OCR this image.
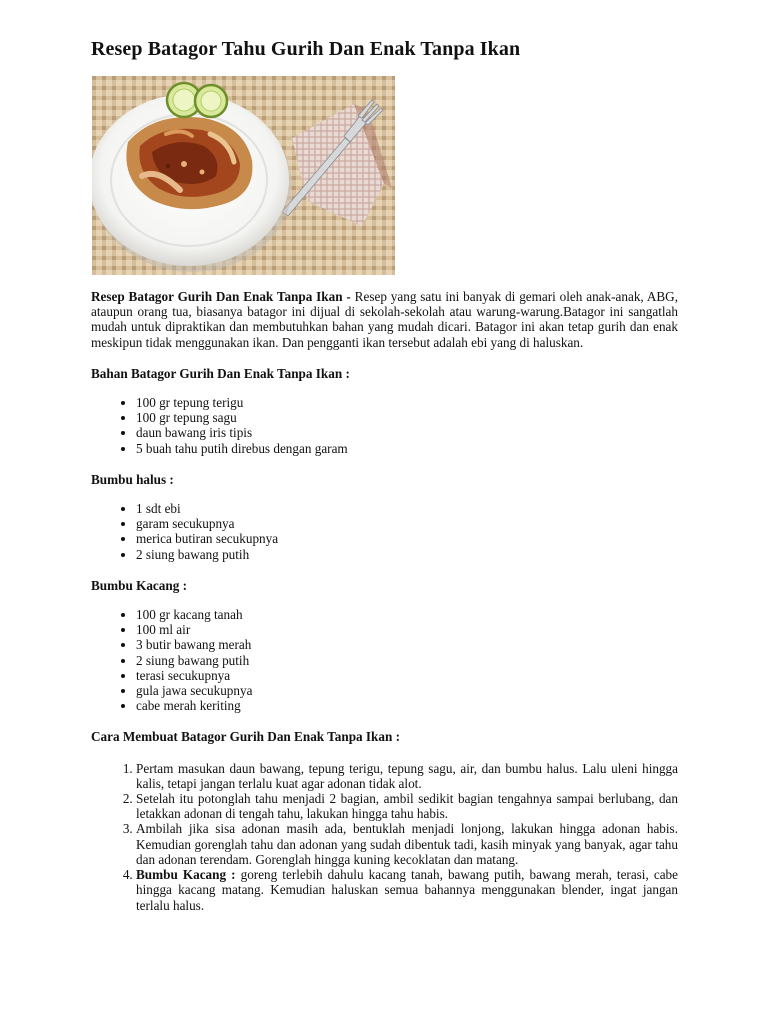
Resep Batagor Tahu Gurih Dan Enak Tanpa Ikan

Resep Batagor Gurih Dan Enak Tanpa Ikan - Resep yang satu ini banyak di gemari oleh anak-anak, ABG, ataupun orang tua, biasanya batagor ini dijual di sekolah-sekolah atau warung-warung.Batagor ini sangatlah mudah untuk dipraktikan dan membutuhkan bahan yang mudah dicari. Batagor ini akan tetap gurih dan enak meskipun tidak menggunakan ikan. Dan pengganti ikan tersebut adalah ebi yang di haluskan.

Bahan Batagor Gurih Dan Enak Tanpa Ikan :
• 100 gr tepung terigu
• 100 gr tepung sagu
• daun bawang iris tipis
• 5 buah tahu putih direbus dengan garam
Bumbu halus :
• 1 sdt ebi
• garam secukupnya
• merica butiran secukupnya
• 2 siung bawang putih
Bumbu Kacang :
• 100 gr kacang tanah
• 100 ml air
• 3 butir bawang merah
• 2 siung bawang putih
• terasi secukupnya
• gula jawa secukupnya
• cabe merah keriting
Cara Membuat Batagor Gurih Dan Enak Tanpa Ikan :
1. Pertam masukan daun bawang, tepung terigu, tepung sagu, air, dan bumbu halus. Lalu uleni hingga kalis, tetapi jangan terlalu kuat agar adonan tidak alot.
2. Setelah itu potonglah tahu menjadi 2 bagian, ambil sedikit bagian tengahnya sampai berlubang, dan letakkan adonan di tengah tahu, lakukan hingga tahu habis.
3. Ambilah jika sisa adonan masih ada, bentuklah menjadi lonjong, lakukan hingga adonan habis. Kemudian gorenglah tahu dan adonan yang sudah dibentuk tadi, kasih minyak yang banyak, agar tahu dan adonan terendam. Gorenglah hingga kuning kecoklatan dan matang.
4. Bumbu Kacang : goreng terlebih dahulu kacang tanah, bawang putih, bawang merah, terasi, cabe hingga kacang matang. Kemudian haluskan semua bahannya menggunakan blender, ingat jangan terlalu halus.
